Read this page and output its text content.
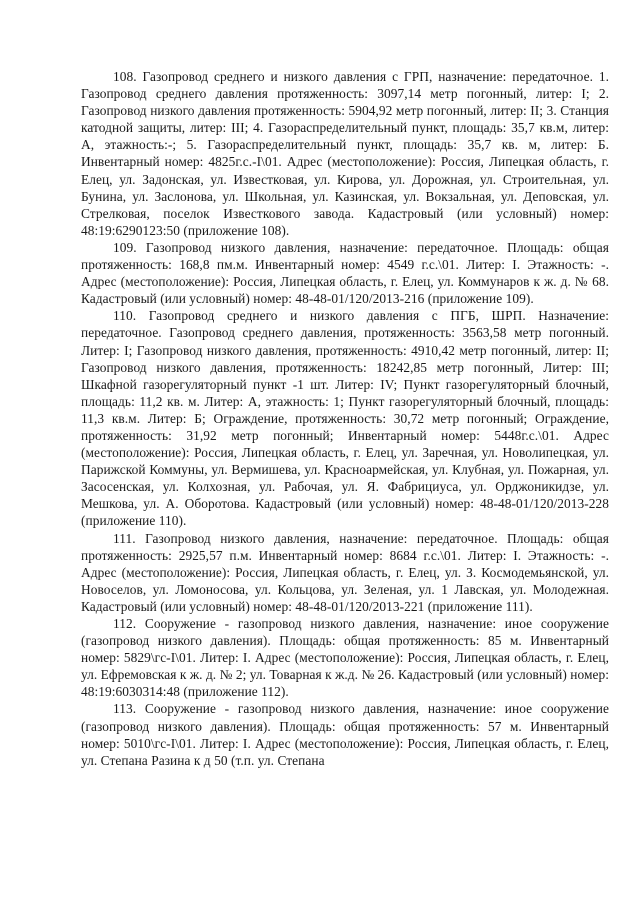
108. Газопровод среднего и низкого давления с ГРП, назначение: передаточное. 1. Газопровод среднего давления протяженность: 3097,14 метр погонный, литер: I; 2. Газопровод низкого давления протяженность: 5904,92 метр погонный, литер: II; 3. Станция катодной защиты, литер: III; 4. Газораспределительный пункт, площадь: 35,7 кв.м, литер: А, этажность:-; 5. Газораспределительный пункт, площадь: 35,7 кв. м, литер: Б. Инвентарный номер: 4825г.с.-I\01. Адрес (местоположение): Россия, Липецкая область, г. Елец, ул. Задонская, ул. Известковая, ул. Кирова, ул. Дорожная, ул. Строительная, ул. Бунина, ул. Заслонова, ул. Школьная, ул. Казинская, ул. Вокзальная, ул. Деповская, ул. Стрелковая, поселок Известкового завода. Кадастровый (или условный) номер: 48:19:6290123:50 (приложение 108).

109. Газопровод низкого давления, назначение: передаточное. Площадь: общая протяженность: 168,8 пм.м. Инвентарный номер: 4549 г.с.\01. Литер: I. Этажность: -. Адрес (местоположение): Россия, Липецкая область, г. Елец, ул. Коммунаров к ж. д. № 68. Кадастровый (или условный) номер: 48-48-01/120/2013-216 (приложение 109).

110. Газопровод среднего и низкого давления с ПГБ, ШРП. Назначение: передаточное. Газопровод среднего давления, протяженность: 3563,58 метр погонный. Литер: I; Газопровод низкого давления, протяженность: 4910,42 метр погонный, литер: II; Газопровод низкого давления, протяженность: 18242,85 метр погонный, Литер: III; Шкафной газорегуляторный пункт -1 шт. Литер: IV; Пункт газорегуляторный блочный, площадь: 11,2 кв. м. Литер: А, этажность: 1; Пункт газорегуляторный блочный, площадь: 11,3 кв.м. Литер: Б; Ограждение, протяженность: 30,72 метр погонный; Ограждение, протяженность: 31,92 метр погонный; Инвентарный номер: 5448г.с.\01. Адрес (местоположение): Россия, Липецкая область, г. Елец, ул. Заречная, ул. Новолипецкая, ул. Парижской Коммуны, ул. Вермишева, ул. Красноармейская, ул. Клубная, ул. Пожарная, ул. Засосенская, ул. Колхозная, ул. Рабочая, ул. Я. Фабрициуса, ул. Орджоникидзе, ул. Мешкова, ул. А. Оборотова. Кадастровый (или условный) номер: 48-48-01/120/2013-228 (приложение 110).

111. Газопровод низкого давления, назначение: передаточное. Площадь: общая протяженность: 2925,57 п.м. Инвентарный номер: 8684 г.с.\01. Литер: I. Этажность: -. Адрес (местоположение): Россия, Липецкая область, г. Елец, ул. З. Космодемьянской, ул. Новоселов, ул. Ломоносова, ул. Кольцова, ул. Зеленая, ул. 1 Лавская, ул. Молодежная. Кадастровый (или условный) номер: 48-48-01/120/2013-221 (приложение 111).

112. Сооружение - газопровод низкого давления, назначение: иное сооружение (газопровод низкого давления). Площадь: общая протяженность: 85 м. Инвентарный номер: 5829\гс-I\01. Литер: I. Адрес (местоположение): Россия, Липецкая область, г. Елец, ул. Ефремовская к ж. д. № 2; ул. Товарная к ж.д. № 26. Кадастровый (или условный) номер: 48:19:6030314:48 (приложение 112).

113. Сооружение - газопровод низкого давления, назначение: иное сооружение (газопровод низкого давления). Площадь: общая протяженность: 57 м. Инвентарный номер: 5010\гс-I\01. Литер: I. Адрес (местоположение): Россия, Липецкая область, г. Елец, ул. Степана Разина к д 50 (т.п. ул. Степана
